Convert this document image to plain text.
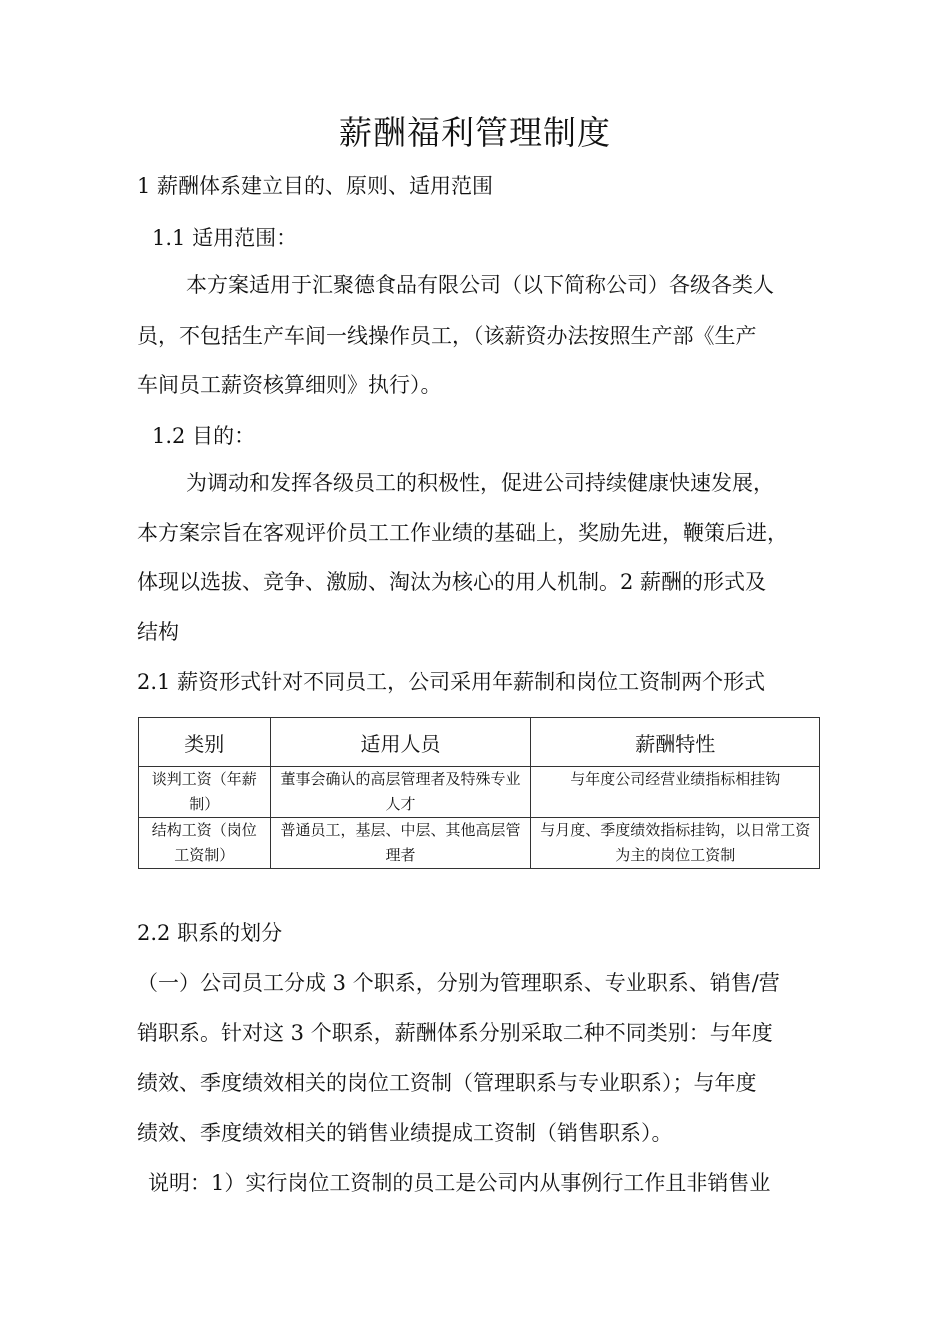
薪酬福利管理制度
1 薪酬体系建立目的、原则、适用范围
1.1 适用范围：
本方案适用于汇聚德食品有限公司（以下简称公司）各级各类人
员，不包括生产车间一线操作员工，（该薪资办法按照生产部《生产
车间员工薪资核算细则》执行）。
1.2 目的：
为调动和发挥各级员工的积极性，促进公司持续健康快速发展，
本方案宗旨在客观评价员工工作业绩的基础上，奖励先进，鞭策后进，
体现以选拔、竞争、激励、淘汰为核心的用人机制。2 薪酬的形式及
结构
2.1 薪资形式针对不同员工，公司采用年薪制和岗位工资制两个形式
类别	适用人员	薪酬特性
谈判工资（年薪制）	董事会确认的高层管理者及特殊专业人才	与年度公司经营业绩指标相挂钩
结构工资（岗位工资制）	普通员工，基层、中层、其他高层管理者	与月度、季度绩效指标挂钩，以日常工资为主的岗位工资制
2.2 职系的划分
（一）公司员工分成 3 个职系，分别为管理职系、专业职系、销售/营
销职系。针对这 3 个职系，薪酬体系分别采取二种不同类别：与年度
绩效、季度绩效相关的岗位工资制（管理职系与专业职系）；与年度
绩效、季度绩效相关的销售业绩提成工资制（销售职系）。
说明：1）实行岗位工资制的员工是公司内从事例行工作且非销售业
